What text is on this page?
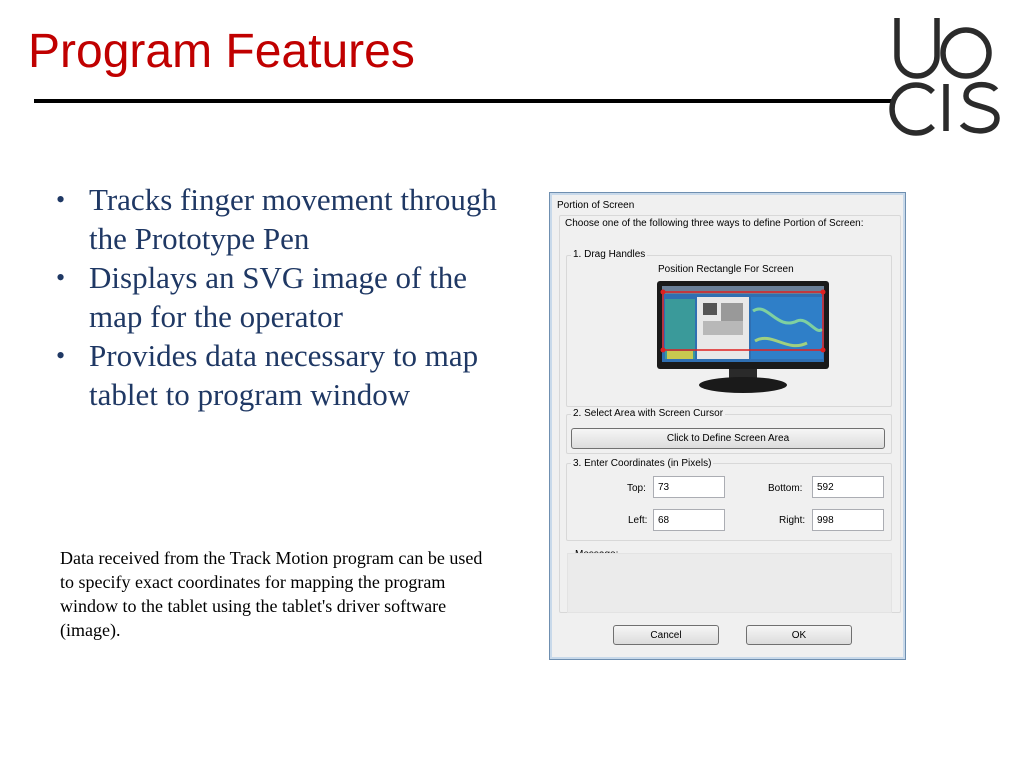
Program Features
• Tracks finger movement through the Prototype Pen
• Displays an SVG image of the map for the operator
• Provides data necessary to map tablet to program window
Data received from the Track Motion program can be used to specify exact coordinates for mapping the program window to the tablet using the tablet's driver software (image).
Portion of Screen
Choose one of the following three ways to define Portion of Screen:
1. Drag Handles
Position Rectangle For Screen
2. Select Area with Screen Cursor
Click to Define Screen Area
3. Enter Coordinates (in Pixels)
Top:
73	Bottom:
592
Left:
68	Right:
998
Cancel	OK
